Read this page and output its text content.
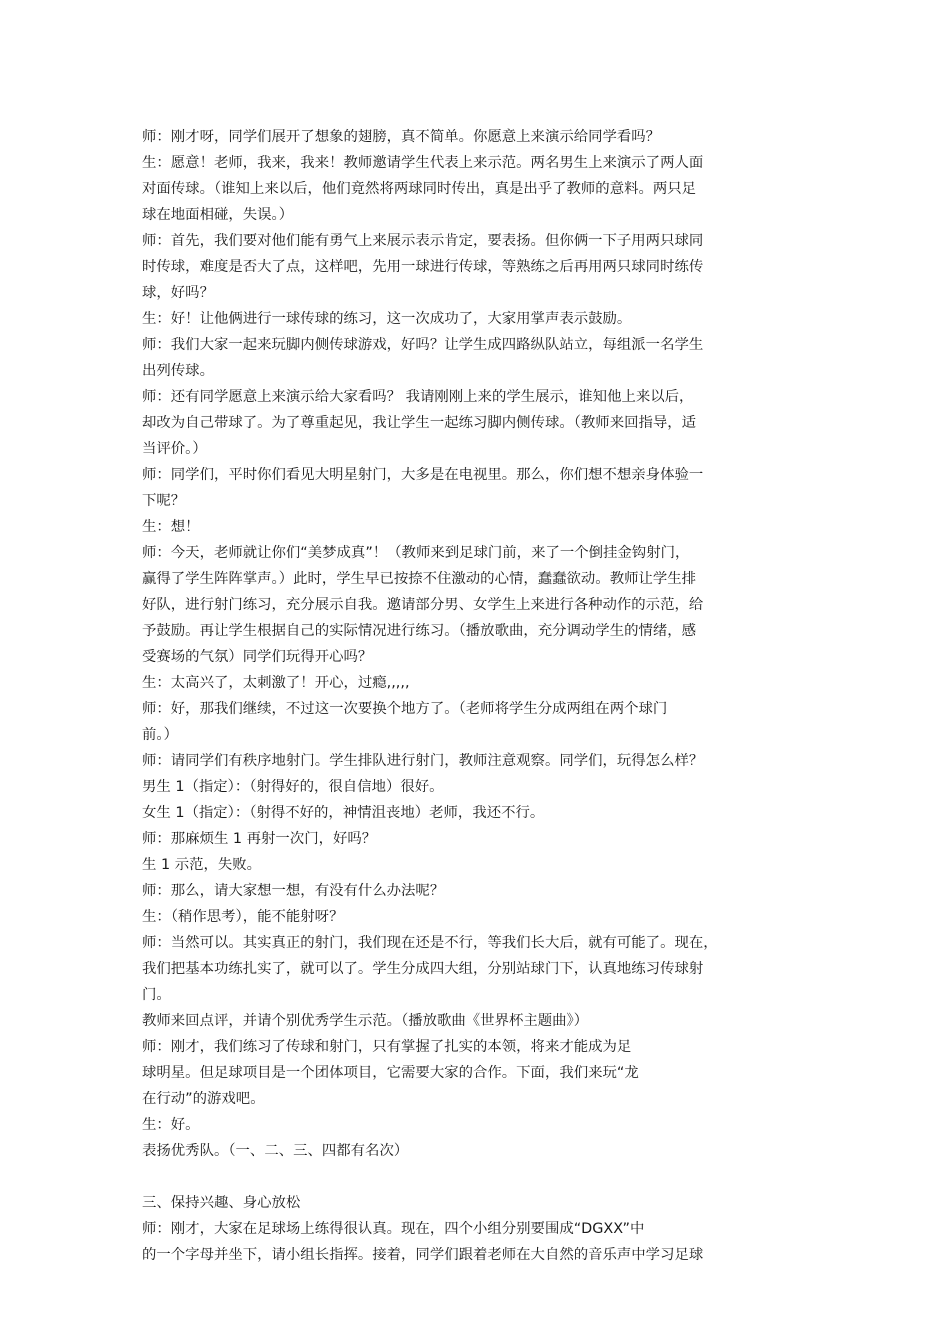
师：刚才呀，同学们展开了想象的翅膀，真不简单。你愿意上来演示给同学看吗？
生：愿意！老师，我来，我来！教师邀请学生代表上来示范。两名男生上来演示了两人面
对面传球。（谁知上来以后，他们竟然将两球同时传出，真是出乎了教师的意料。两只足
球在地面相碰，失误。）
师：首先，我们要对他们能有勇气上来展示表示肯定，要表扬。但你俩一下子用两只球同
时传球，难度是否大了点，这样吧，先用一球进行传球，等熟练之后再用两只球同时练传
球，好吗？
生：好！让他俩进行一球传球的练习，这一次成功了，大家用掌声表示鼓励。
师：我们大家一起来玩脚内侧传球游戏，好吗？让学生成四路纵队站立，每组派一名学生
出列传球。
师：还有同学愿意上来演示给大家看吗？ 我请刚刚上来的学生展示，谁知他上来以后，
却改为自己带球了。为了尊重起见，我让学生一起练习脚内侧传球。（教师来回指导，适
当评价。）
师：同学们，平时你们看见大明星射门，大多是在电视里。那么，你们想不想亲身体验一
下呢？
生：想！
师：今天，老师就让你们“美梦成真”！（教师来到足球门前，来了一个倒挂金钩射门，
赢得了学生阵阵掌声。）此时，学生早已按捺不住激动的心情，蠢蠢欲动。教师让学生排
好队，进行射门练习，充分展示自我。邀请部分男、女学生上来进行各种动作的示范，给
予鼓励。再让学生根据自己的实际情况进行练习。（播放歌曲，充分调动学生的情绪，感
受赛场的气氛）同学们玩得开心吗？
生：太高兴了，太刺激了！开心，过瘾,,,,,
师：好，那我们继续，不过这一次要换个地方了。（老师将学生分成两组在两个球门
前。）
师：请同学们有秩序地射门。学生排队进行射门，教师注意观察。同学们，玩得怎么样？
男生 1（指定）：（射得好的，很自信地）很好。
女生 1（指定）：（射得不好的，神情沮丧地）老师，我还不行。
师：那麻烦生 1 再射一次门，好吗？
生 1 示范，失败。
师：那么，请大家想一想，有没有什么办法呢？
生：（稍作思考），能不能射呀？
师：当然可以。其实真正的射门，我们现在还是不行，等我们长大后，就有可能了。现在，
我们把基本功练扎实了，就可以了。学生分成四大组，分别站球门下，认真地练习传球射
门。
教师来回点评，并请个别优秀学生示范。（播放歌曲《世界杯主题曲》）
师：刚才，我们练习了传球和射门，只有掌握了扎实的本领，将来才能成为足
球明星。但足球项目是一个团体项目，它需要大家的合作。下面，我们来玩“龙
在行动”的游戏吧。
生：好。
表扬优秀队。（一、二、三、四都有名次）
三、保持兴趣、身心放松
师：刚才，大家在足球场上练得很认真。现在，四个小组分别要围成“DGXX”中
的一个字母并坐下，请小组长指挥。接着，同学们跟着老师在大自然的音乐声中学习足球
